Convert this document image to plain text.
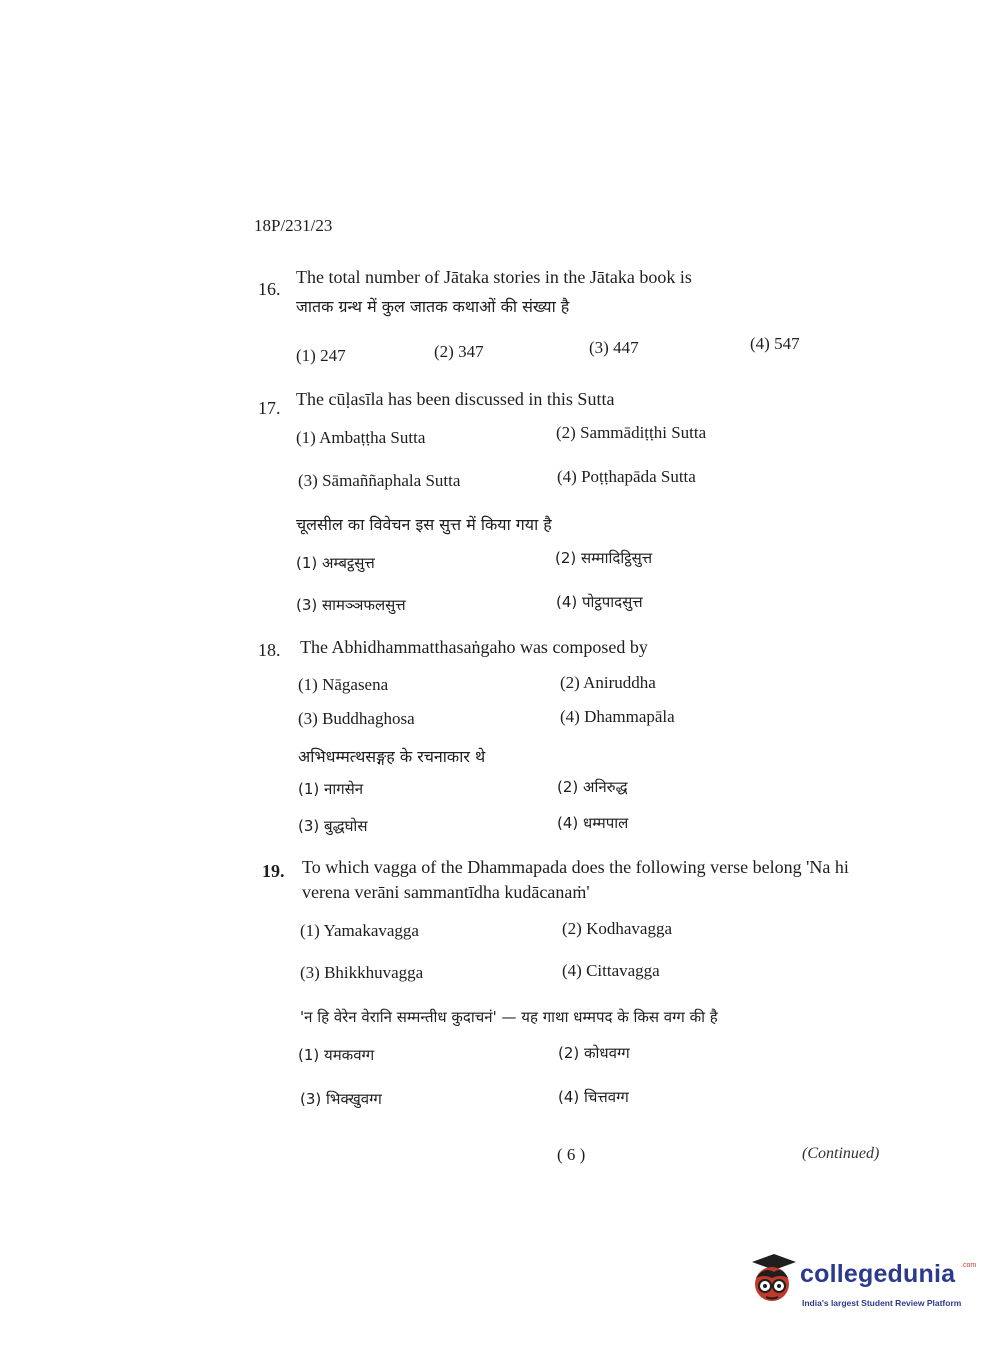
18P/231/23
16.
The total number of Jātaka stories in the Jātaka book is
जातक ग्रन्थ में कुल जातक कथाओं की संख्या है
(1) 247	(2) 347	(3) 447	(4) 547
17. The cūḷasīla has been discussed in this Sutta
(1) Ambaṭṭha Sutta	(2) Sammādiṭṭhi Sutta
(3) Sāmaññaphala Sutta	(4) Poṭṭhapāda Sutta
चूलसील का विवेचन इस सुत्त में किया गया है
(1) अम्बट्ठसुत्त	(2) सम्मादिट्ठिसुत्त
(3) सामञ्ञफलसुत्त	(4) पोट्ठपादसुत्त
18. The Abhidhammatthasaṅgaho was composed by
(1) Nāgasena	(2) Aniruddha
(3) Buddhaghosa	(4) Dhammapāla
अभिधम्मत्थसङ्गह के रचनाकार थे
(1) नागसेन	(2) अनिरुद्ध
(3) बुद्धघोस	(4) धम्मपाल
19. To which vagga of the Dhammapada does the following verse belong 'Na hi
verena verāni sammantīdha kudācanaṁ'
(1) Yamakavagga	(2) Kodhavagga
(3) Bhikkhuvagga	(4) Cittavagga
'न हि वेरेन वेरानि सम्मन्तीध कुदाचनं' — यह गाथा धम्मपद के किस वग्ग की है
(1) यमकवग्ग	(2) कोधवग्ग
(3) भिक्खुवग्ग	(4) चित्तवग्ग
( 6 )	(Continued)
collegedunia .com
India's largest Student Review Platform
